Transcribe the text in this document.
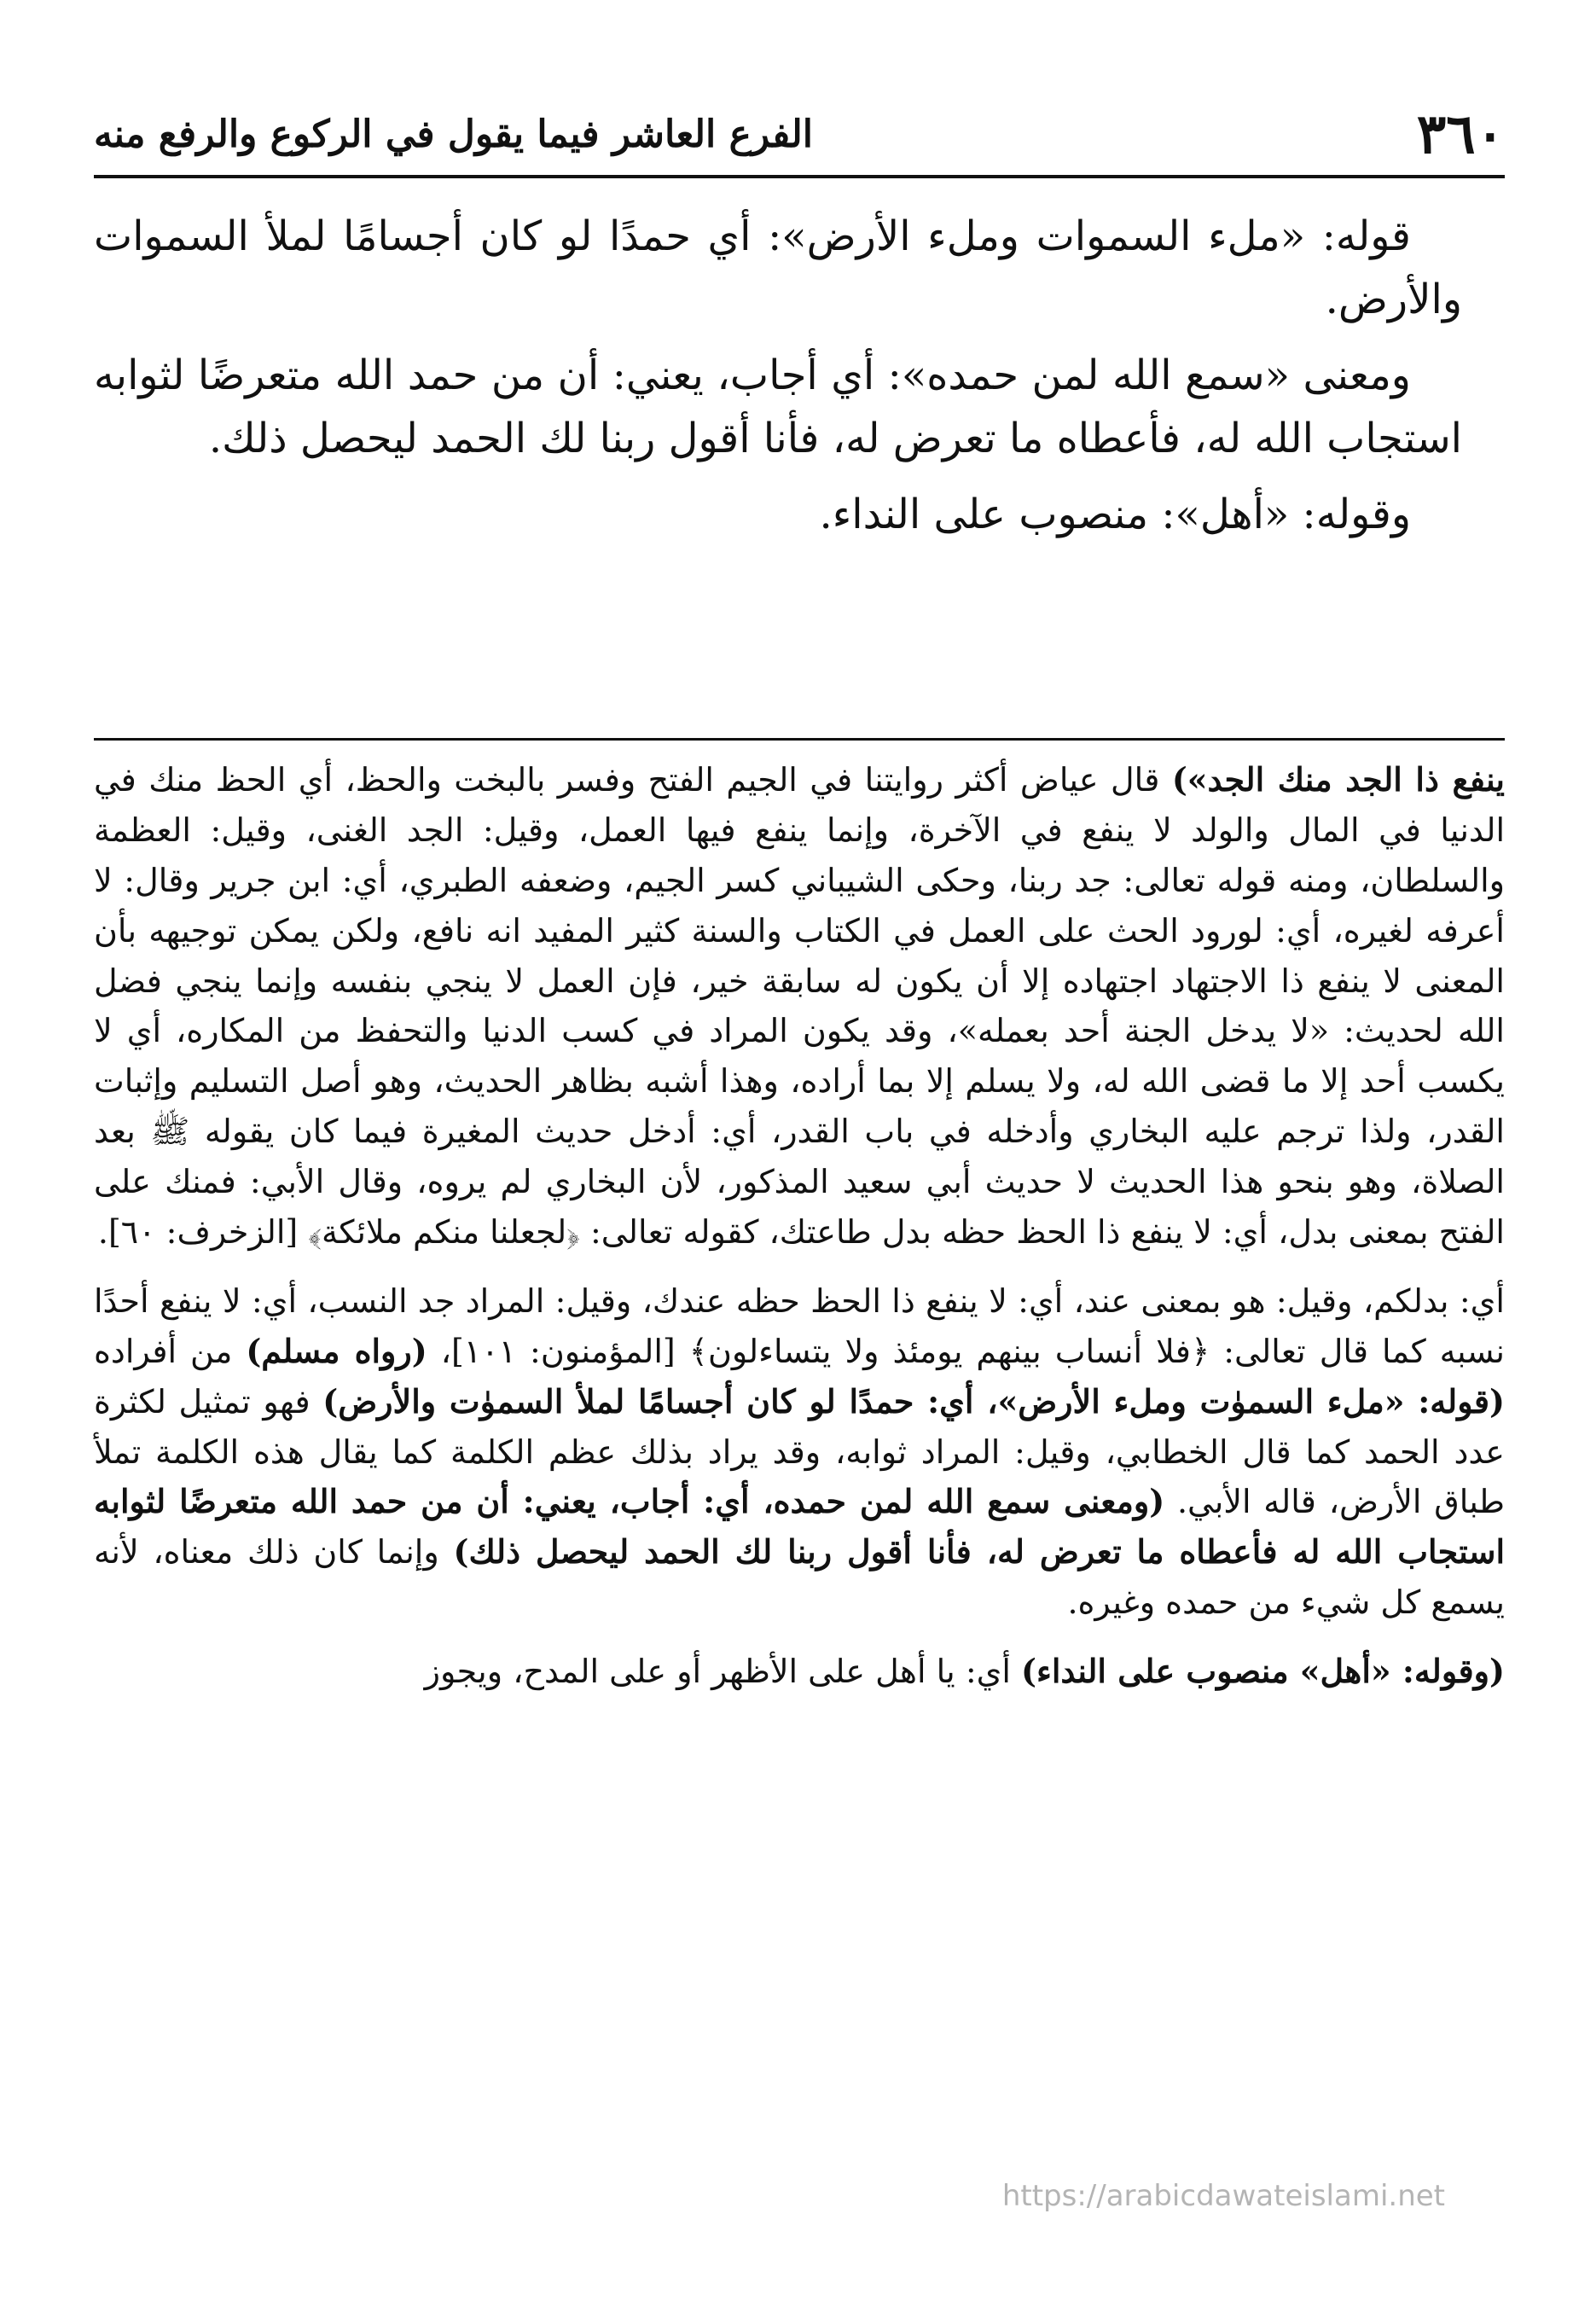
٣٦٠
الفرع العاشر فيما يقول في الركوع والرفع منه

قوله: «ملء السموات وملء الأرض»: أي حمدًا لو كان أجسامًا لملأ السموات والأرض.

ومعنى «سمع الله لمن حمده»: أي أجاب، يعني: أن من حمد الله متعرضًا لثوابه استجاب الله له، فأعطاه ما تعرض له، فأنا أقول ربنا لك الحمد ليحصل ذلك.

وقوله: «أهل»: منصوب على النداء.

ينفع ذا الجد منك الجد») قال عياض أكثر روايتنا في الجيم الفتح وفسر بالبخت والحظ، أي الحظ منك في الدنيا في المال والولد لا ينفع في الآخرة، وإنما ينفع فيها العمل، وقيل: الجد الغنى، وقيل: العظمة والسلطان، ومنه قوله تعالى: جد ربنا، وحكى الشيباني كسر الجيم، وضعفه الطبري، أي: ابن جرير وقال: لا أعرفه لغيره، أي: لورود الحث على العمل في الكتاب والسنة كثير المفيد انه نافع، ولكن يمكن توجيهه بأن المعنى لا ينفع ذا الاجتهاد اجتهاده إلا أن يكون له سابقة خير، فإن العمل لا ينجي بنفسه وإنما ينجي فضل الله لحديث: «لا يدخل الجنة أحد بعمله»، وقد يكون المراد في كسب الدنيا والتحفظ من المكاره، أي لا يكسب أحد إلا ما قضى الله له، ولا يسلم إلا بما أراده، وهذا أشبه بظاهر الحديث، وهو أصل التسليم وإثبات القدر، ولذا ترجم عليه البخاري وأدخله في باب القدر، أي: أدخل حديث المغيرة فيما كان يقوله ﷺ بعد الصلاة، وهو بنحو هذا الحديث لا حديث أبي سعيد المذكور، لأن البخاري لم يروه، وقال الأبي: فمنك على الفتح بمعنى بدل، أي: لا ينفع ذا الحظ حظه بدل طاعتك، كقوله تعالى: ﴿لجعلنا منكم ملائكة﴾ [الزخرف: ٦٠].

أي: بدلكم، وقيل: هو بمعنى عند، أي: لا ينفع ذا الحظ حظه عندك، وقيل: المراد جد النسب، أي: لا ينفع أحدًا نسبه كما قال تعالى: ﴿فلا أنساب بينهم يومئذ ولا يتساءلون﴾ [المؤمنون: ١٠١]، (رواه مسلم) من أفراده (قوله: «ملء السموٰت وملء الأرض»، أي: حمدًا لو كان أجسامًا لملأ السموٰت والأرض) فهو تمثيل لكثرة عدد الحمد كما قال الخطابي، وقيل: المراد ثوابه، وقد يراد بذلك عظم الكلمة كما يقال هذه الكلمة تملأ طباق الأرض، قاله الأبي. (ومعنى سمع الله لمن حمده، أي: أجاب، يعني: أن من حمد الله متعرضًا لثوابه استجاب الله له فأعطاه ما تعرض له، فأنا أقول ربنا لك الحمد ليحصل ذلك) وإنما كان ذلك معناه، لأنه يسمع كل شيء من حمده وغيره.

(وقوله: «أهل» منصوب على النداء) أي: يا أهل على الأظهر أو على المدح، ويجوز

https://arabicdawateislami.net
